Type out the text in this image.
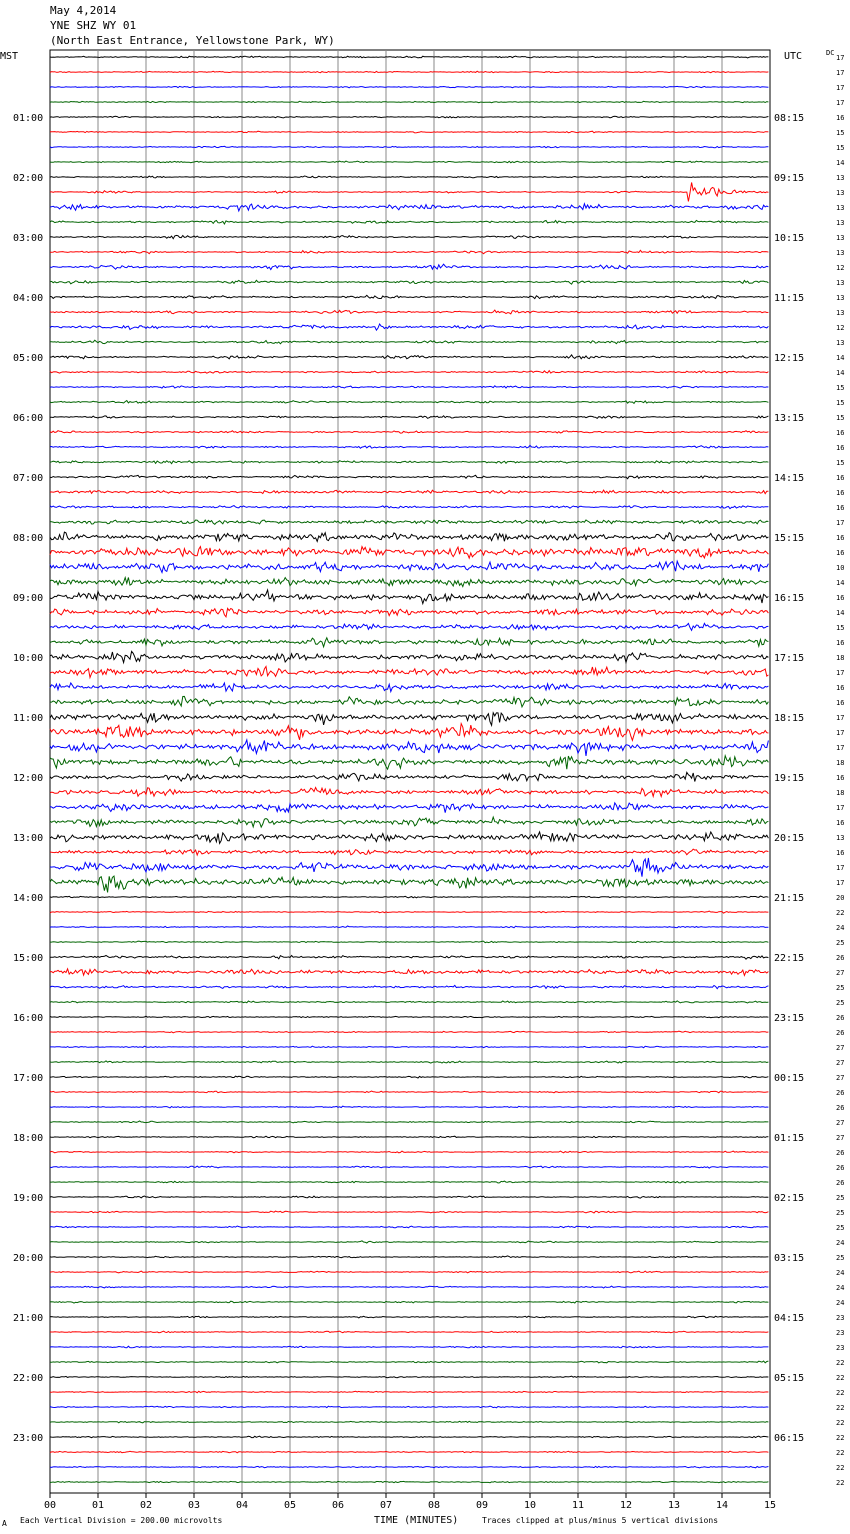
May 4,2014
YNE SHZ WY 01
(North East Entrance, Yellowstone Park, WY)
MST	UTC	DC
00	01	02	03	04	05	06	07	08	09	10	11	12	13	14	15
17
17
17
17
16
15
15
14
13
13
13
13
13
13
12
13
13
13
12
13
14
14
15
15
15
16
16
15
16
16
16
17
16
16
10
14
16
14
15
16
18
17
16
16
17
17
17
18
16
18
17
16
13
16
17
17
20
22
24
25
26
27
25
25
26
26
27
27
27
26
26
27
27
26
26
26
25
25
25
24
25
24
24
24
23
23
23
22
22
22
22
22
22
22
22
22
01:00
02:00
03:00
04:00
05:00
06:00
07:00
08:00
09:00
10:00
11:00
12:00
13:00
14:00
15:00
16:00
17:00
18:00
19:00
20:00
21:00
22:00
23:00
08:15
09:15
10:15
11:15
12:15
13:15
14:15
15:15
16:15
17:15
18:15
19:15
20:15
21:15
22:15
23:15
00:15
01:15
02:15
03:15
04:15
05:15
06:15
A Each Vertical Division = 200.00 microvolts	TIME (MINUTES)	Traces clipped at plus/minus 5 vertical divisions
